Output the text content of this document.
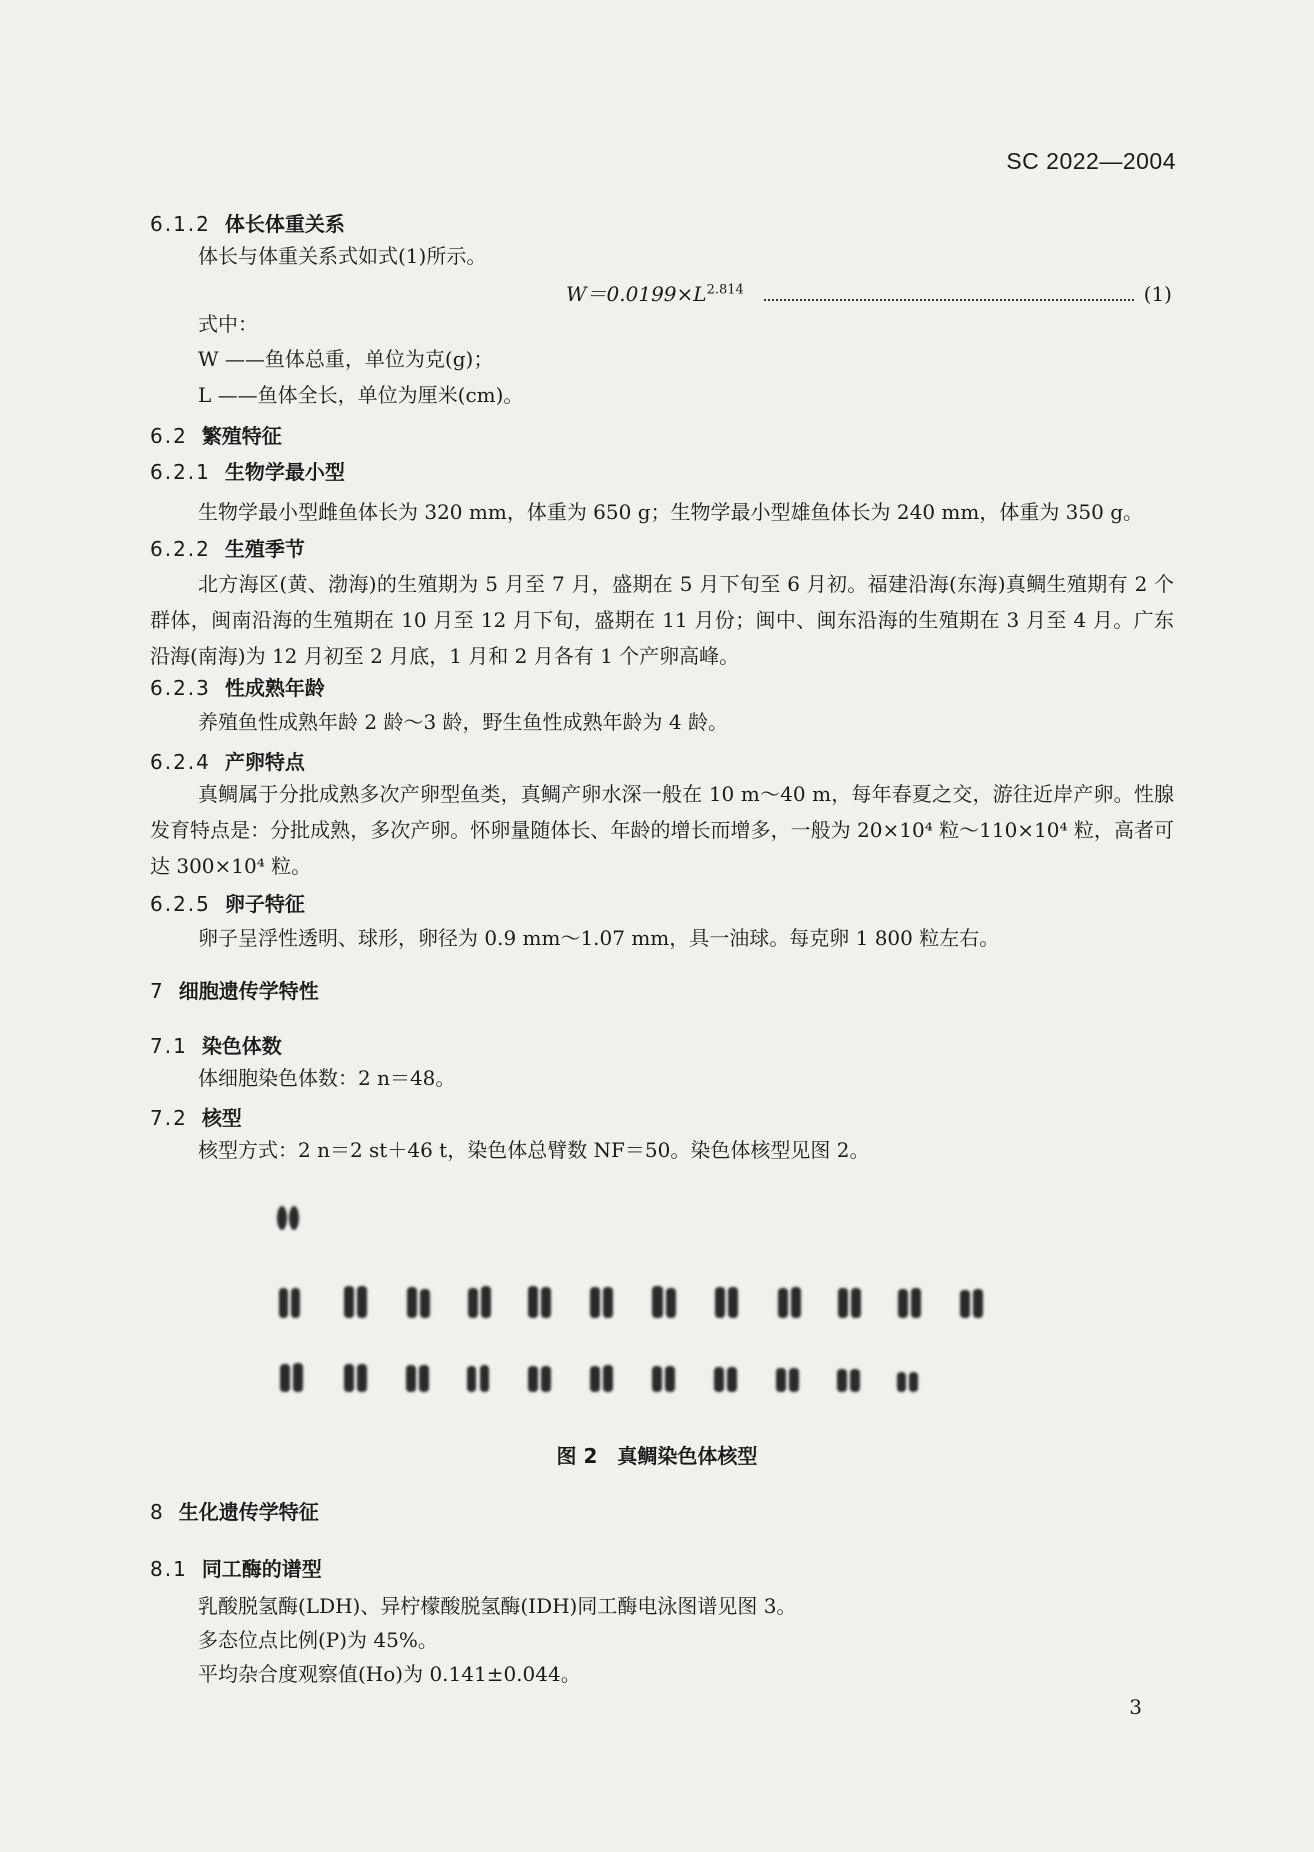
SC 2022—2004
6.1.2 体长体重关系
体长与体重关系式如式(1)所示。
$W=0.0199\times L^{2.814}$	(1)
式中：
W ——鱼体总重，单位为克(g)；
L ——鱼体全长，单位为厘米(cm)。
6.2 繁殖特征
6.2.1 生物学最小型
生物学最小型雌鱼体长为 320 mm，体重为 650 g；生物学最小型雄鱼体长为 240 mm，体重为 350 g。
6.2.2 生殖季节
北方海区(黄、渤海)的生殖期为 5 月至 7 月，盛期在 5 月下旬至 6 月初。福建沿海(东海)真鲷生殖期有 2 个群体，闽南沿海的生殖期在 10 月至 12 月下旬，盛期在 11 月份；闽中、闽东沿海的生殖期在 3 月至 4 月。广东沿海(南海)为 12 月初至 2 月底，1 月和 2 月各有 1 个产卵高峰。
6.2.3 性成熟年龄
养殖鱼性成熟年龄 2 龄～3 龄，野生鱼性成熟年龄为 4 龄。
6.2.4 产卵特点
真鲷属于分批成熟多次产卵型鱼类，真鲷产卵水深一般在 10 m～40 m，每年春夏之交，游往近岸产卵。性腺发育特点是：分批成熟，多次产卵。怀卵量随体长、年龄的增长而增多，一般为 20×10⁴ 粒～110×10⁴ 粒，高者可达 300×10⁴ 粒。
6.2.5 卵子特征
卵子呈浮性透明、球形，卵径为 0.9 mm～1.07 mm，具一油球。每克卵 1 800 粒左右。
7 细胞遗传学特性
7.1 染色体数
体细胞染色体数：2 n＝48。
7.2 核型
核型方式：2 n＝2 st＋46 t，染色体总臂数 NF＝50。染色体核型见图 2。
图 2　真鲷染色体核型
8 生化遗传学特征
8.1 同工酶的谱型
乳酸脱氢酶(LDH)、异柠檬酸脱氢酶(IDH)同工酶电泳图谱见图 3。
多态位点比例(P)为 45%。
平均杂合度观察值(Ho)为 0.141±0.044。
3
